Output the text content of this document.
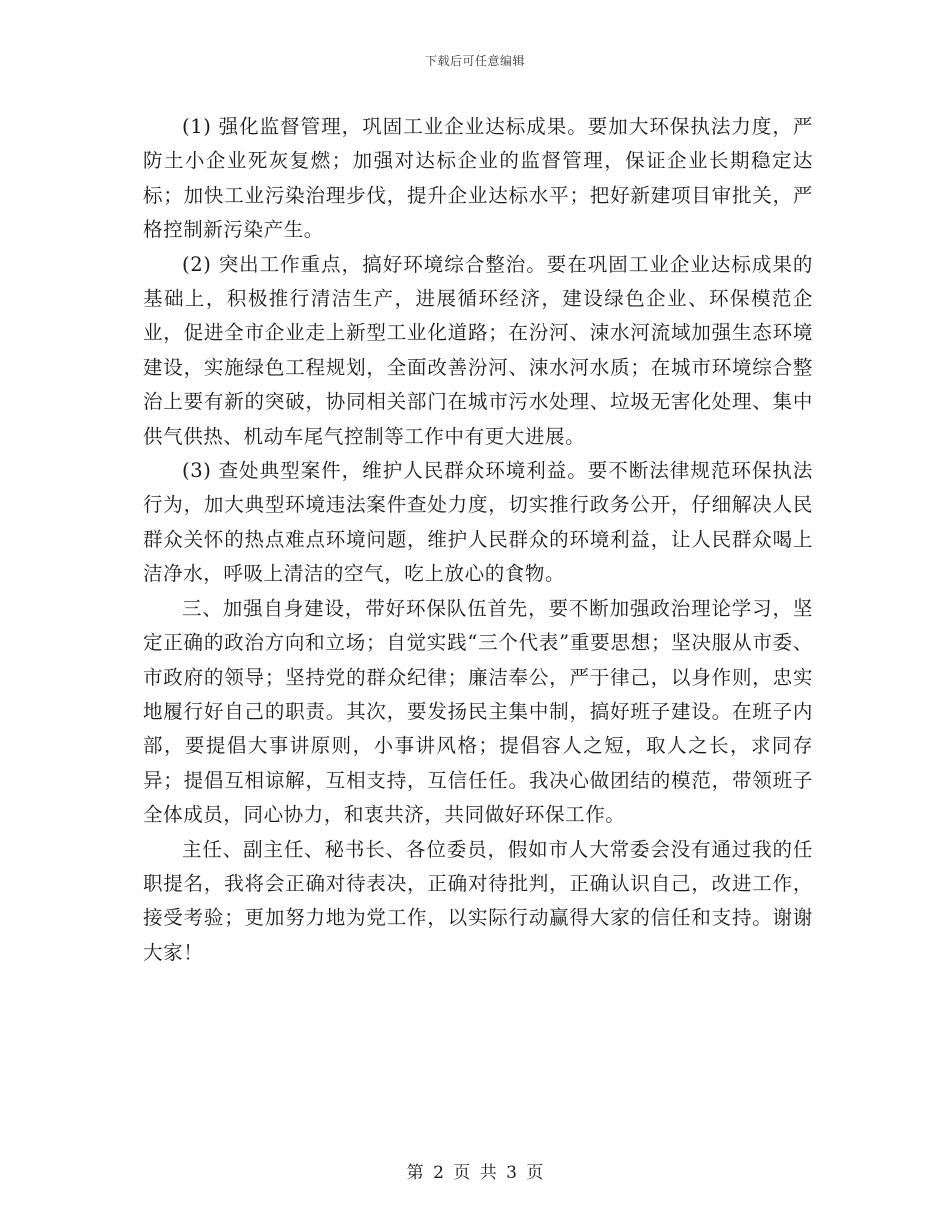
下载后可任意编辑

(1) 强化监督管理，巩固工业企业达标成果。要加大环保执法力度，严防土小企业死灰复燃；加强对达标企业的监督管理，保证企业长期稳定达标；加快工业污染治理步伐，提升企业达标水平；把好新建项目审批关，严格控制新污染产生。

(2) 突出工作重点，搞好环境综合整治。要在巩固工业企业达标成果的基础上，积极推行清洁生产，进展循环经济，建设绿色企业、环保模范企业，促进全市企业走上新型工业化道路；在汾河、涑水河流域加强生态环境建设，实施绿色工程规划，全面改善汾河、涑水河水质；在城市环境综合整治上要有新的突破，协同相关部门在城市污水处理、垃圾无害化处理、集中供气供热、机动车尾气控制等工作中有更大进展。

(3) 查处典型案件，维护人民群众环境利益。要不断法律规范环保执法行为，加大典型环境违法案件查处力度，切实推行政务公开，仔细解决人民群众关怀的热点难点环境问题，维护人民群众的环境利益，让人民群众喝上洁净水，呼吸上清洁的空气，吃上放心的食物。

三、加强自身建设，带好环保队伍首先，要不断加强政治理论学习，坚定正确的政治方向和立场；自觉实践“三个代表”重要思想；坚决服从市委、市政府的领导；坚持党的群众纪律；廉洁奉公，严于律己，以身作则，忠实地履行好自己的职责。其次，要发扬民主集中制，搞好班子建设。在班子内部，要提倡大事讲原则，小事讲风格；提倡容人之短，取人之长，求同存异；提倡互相谅解，互相支持，互信任任。我决心做团结的模范，带领班子全体成员，同心协力，和衷共济，共同做好环保工作。

主任、副主任、秘书长、各位委员，假如市人大常委会没有通过我的任职提名，我将会正确对待表决，正确对待批判，正确认识自己，改进工作，接受考验；更加努力地为党工作，以实际行动赢得大家的信任和支持。谢谢大家！

第 2 页 共 3 页
